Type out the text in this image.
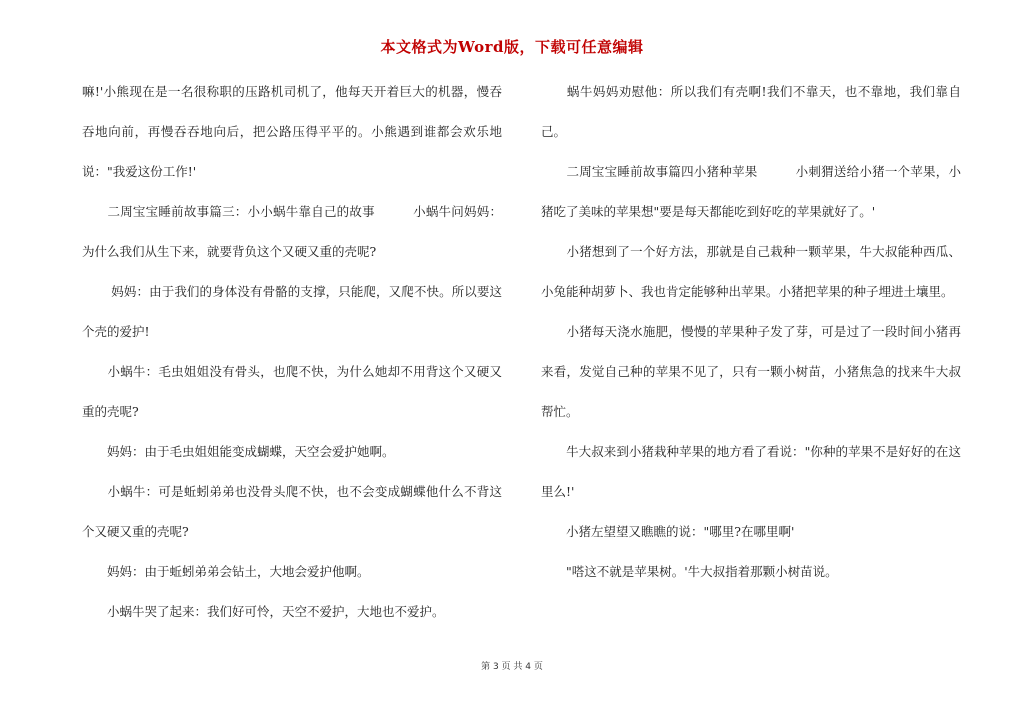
本文格式为Word版，下载可任意编辑

嘛!'小熊现在是一名很称职的压路机司机了，他每天开着巨大的机器，慢吞吞地向前，再慢吞吞地向后，把公路压得平平的。小熊遇到谁都会欢乐地说："我爱这份工作!'

　　二周宝宝睡前故事篇三：小小蜗牛靠自己的故事　　　小蜗牛问妈妈：为什么我们从生下来，就要背负这个又硬又重的壳呢?

　　 妈妈：由于我们的身体没有骨骼的支撑，只能爬，又爬不快。所以要这个壳的爱护!

　　小蜗牛：毛虫姐姐没有骨头，也爬不快，为什么她却不用背这个又硬又重的壳呢?

　　妈妈：由于毛虫姐姐能变成蝴蝶，天空会爱护她啊。

　　小蜗牛：可是蚯蚓弟弟也没骨头爬不快，也不会变成蝴蝶他什么不背这个又硬又重的壳呢?

　　妈妈：由于蚯蚓弟弟会钻土，大地会爱护他啊。

　　小蜗牛哭了起来：我们好可怜，天空不爱护，大地也不爱护。

　　蜗牛妈妈劝慰他：所以我们有壳啊!我们不靠天，也不靠地，我们靠自己。

　　二周宝宝睡前故事篇四小猪种苹果　　　小刺猬送给小猪一个苹果，小猪吃了美味的苹果想"要是每天都能吃到好吃的苹果就好了。'

　　小猪想到了一个好方法，那就是自己栽种一颗苹果，牛大叔能种西瓜、小兔能种胡萝卜、我也肯定能够种出苹果。小猪把苹果的种子埋进土壤里。

　　小猪每天浇水施肥，慢慢的苹果种子发了芽，可是过了一段时间小猪再来看，发觉自己种的苹果不见了，只有一颗小树苗，小猪焦急的找来牛大叔帮忙。

　　牛大叔来到小猪栽种苹果的地方看了看说："你种的苹果不是好好的在这里么!'

　　小猪左望望又瞧瞧的说："哪里?在哪里啊'

　　"嗒这不就是苹果树。'牛大叔指着那颗小树苗说。

第 3 页 共 4 页
